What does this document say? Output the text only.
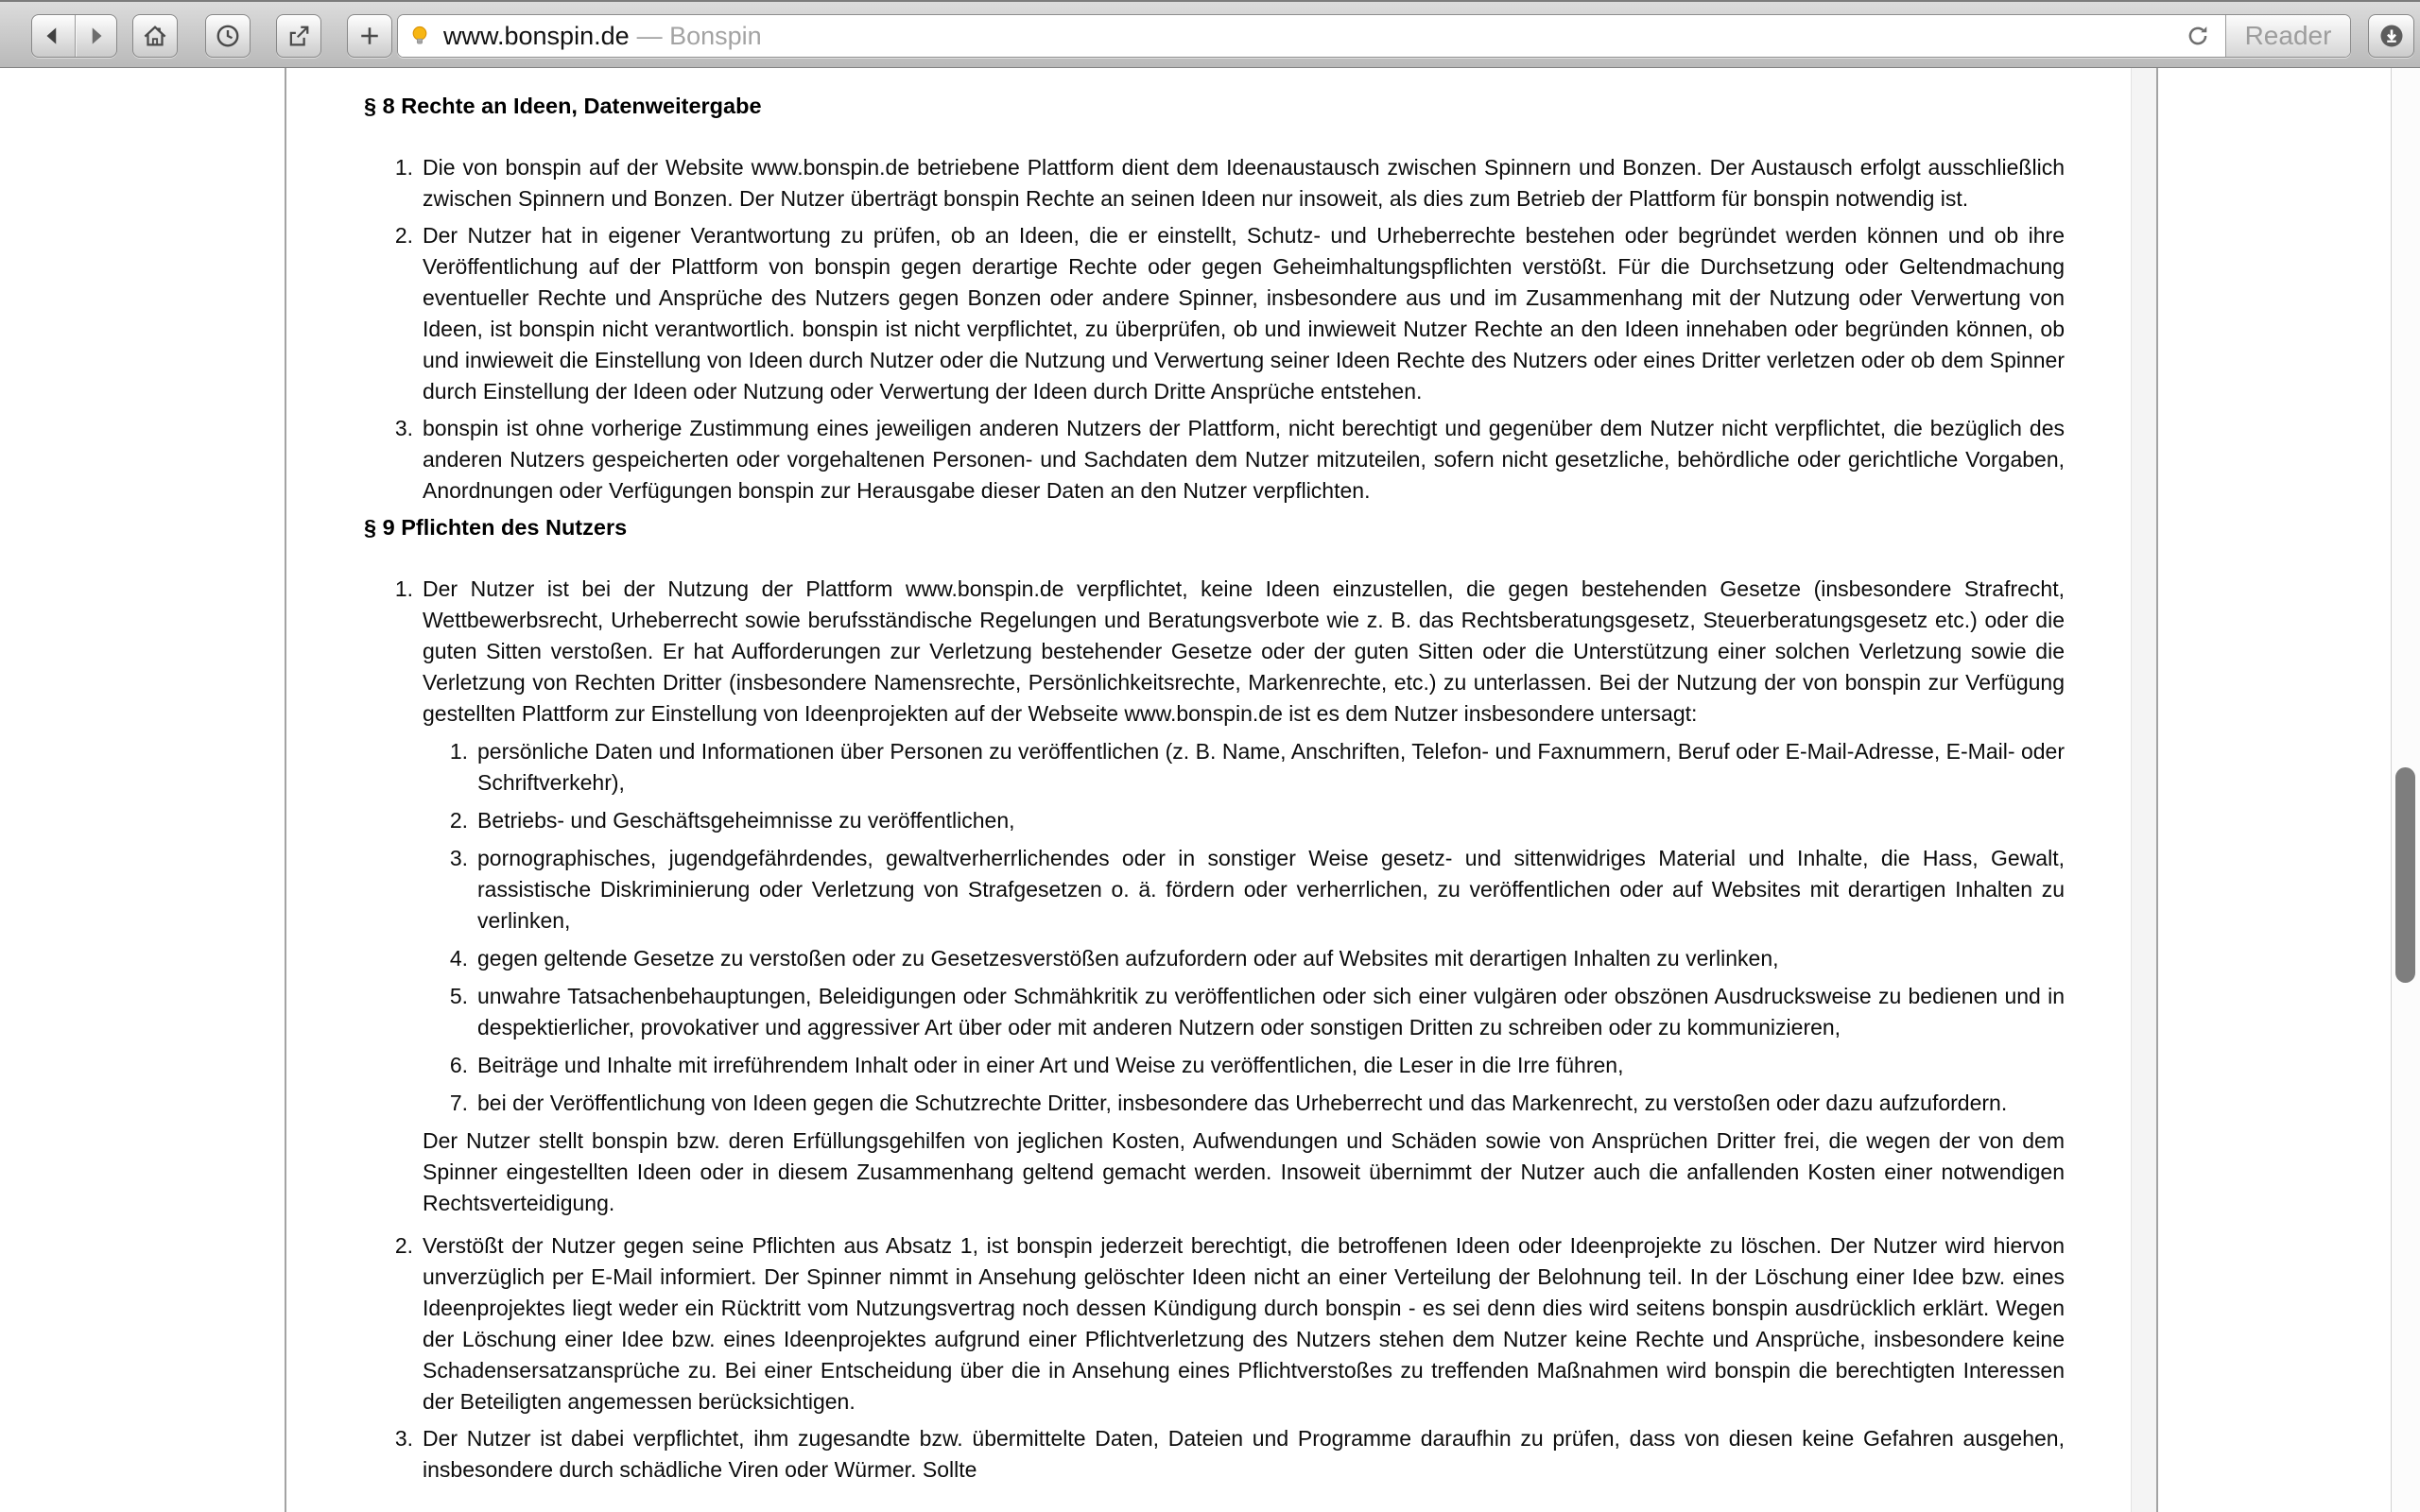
www.bonspin.de — Bonspin	Reader
§ 8 Rechte an Ideen, Datenweitergabe
Die von bonspin auf der Website www.bonspin.de betriebene Plattform dient dem Ideenaustausch zwischen Spinnern und Bonzen. Der Austausch erfolgt ausschließlich zwischen Spinnern und Bonzen. Der Nutzer überträgt bonspin Rechte an seinen Ideen nur insoweit, als dies zum Betrieb der Plattform für bonspin notwendig ist.
Der Nutzer hat in eigener Verantwortung zu prüfen, ob an Ideen, die er einstellt, Schutz- und Urheberrechte bestehen oder begründet werden können und ob ihre Veröffentlichung auf der Plattform von bonspin gegen derartige Rechte oder gegen Geheimhaltungspflichten verstößt. Für die Durchsetzung oder Geltendmachung eventueller Rechte und Ansprüche des Nutzers gegen Bonzen oder andere Spinner, insbesondere aus und im Zusammenhang mit der Nutzung oder Verwertung von Ideen, ist bonspin nicht verantwortlich. bonspin ist nicht verpflichtet, zu überprüfen, ob und inwieweit Nutzer Rechte an den Ideen innehaben oder begründen können, ob und inwieweit die Einstellung von Ideen durch Nutzer oder die Nutzung und Verwertung seiner Ideen Rechte des Nutzers oder eines Dritter verletzen oder ob dem Spinner durch Einstellung der Ideen oder Nutzung oder Verwertung der Ideen durch Dritte Ansprüche entstehen.
bonspin ist ohne vorherige Zustimmung eines jeweiligen anderen Nutzers der Plattform, nicht berechtigt und gegenüber dem Nutzer nicht verpflichtet, die bezüglich des anderen Nutzers gespeicherten oder vorgehaltenen Personen- und Sachdaten dem Nutzer mitzuteilen, sofern nicht gesetzliche, behördliche oder gerichtliche Vorgaben, Anordnungen oder Verfügungen bonspin zur Herausgabe dieser Daten an den Nutzer verpflichten.
§ 9 Pflichten des Nutzers
Der Nutzer ist bei der Nutzung der Plattform www.bonspin.de verpflichtet, keine Ideen einzustellen, die gegen bestehenden Gesetze (insbesondere Strafrecht, Wettbewerbsrecht, Urheberrecht sowie berufsständische Regelungen und Beratungsverbote wie z. B. das Rechtsberatungsgesetz, Steuerberatungsgesetz etc.) oder die guten Sitten verstoßen. Er hat Aufforderungen zur Verletzung bestehender Gesetze oder der guten Sitten oder die Unterstützung einer solchen Verletzung sowie die Verletzung von Rechten Dritter (insbesondere Namensrechte, Persönlichkeitsrechte, Markenrechte, etc.) zu unterlassen. Bei der Nutzung der von bonspin zur Verfügung gestellten Plattform zur Einstellung von Ideenprojekten auf der Webseite www.bonspin.de ist es dem Nutzer insbesondere untersagt:
persönliche Daten und Informationen über Personen zu veröffentlichen (z. B. Name, Anschriften, Telefon- und Faxnummern, Beruf oder E-Mail-Adresse, E-Mail- oder Schriftverkehr),
Betriebs- und Geschäftsgeheimnisse zu veröffentlichen,
pornographisches, jugendgefährdendes, gewaltverherrlichendes oder in sonstiger Weise gesetz- und sittenwidriges Material und Inhalte, die Hass, Gewalt, rassistische Diskriminierung oder Verletzung von Strafgesetzen o. ä. fördern oder verherrlichen, zu veröffentlichen oder auf Websites mit derartigen Inhalten zu verlinken,
gegen geltende Gesetze zu verstoßen oder zu Gesetzesverstößen aufzufordern oder auf Websites mit derartigen Inhalten zu verlinken,
unwahre Tatsachenbehauptungen, Beleidigungen oder Schmähkritik zu veröffentlichen oder sich einer vulgären oder obszönen Ausdrucksweise zu bedienen und in despektierlicher, provokativer und aggressiver Art über oder mit anderen Nutzern oder sonstigen Dritten zu schreiben oder zu kommunizieren,
Beiträge und Inhalte mit irreführendem Inhalt oder in einer Art und Weise zu veröffentlichen, die Leser in die Irre führen,
bei der Veröffentlichung von Ideen gegen die Schutzrechte Dritter, insbesondere das Urheberrecht und das Markenrecht, zu verstoßen oder dazu aufzufordern.
Der Nutzer stellt bonspin bzw. deren Erfüllungsgehilfen von jeglichen Kosten, Aufwendungen und Schäden sowie von Ansprüchen Dritter frei, die wegen der von dem Spinner eingestellten Ideen oder in diesem Zusammenhang geltend gemacht werden. Insoweit übernimmt der Nutzer auch die anfallenden Kosten einer notwendigen Rechtsverteidigung.
Verstößt der Nutzer gegen seine Pflichten aus Absatz 1, ist bonspin jederzeit berechtigt, die betroffenen Ideen oder Ideenprojekte zu löschen. Der Nutzer wird hiervon unverzüglich per E-Mail informiert. Der Spinner nimmt in Ansehung gelöschter Ideen nicht an einer Verteilung der Belohnung teil. In der Löschung einer Idee bzw. eines Ideenprojektes liegt weder ein Rücktritt vom Nutzungsvertrag noch dessen Kündigung durch bonspin - es sei denn dies wird seitens bonspin ausdrücklich erklärt. Wegen der Löschung einer Idee bzw. eines Ideenprojektes aufgrund einer Pflichtverletzung des Nutzers stehen dem Nutzer keine Rechte und Ansprüche, insbesondere keine Schadensersatzansprüche zu. Bei einer Entscheidung über die in Ansehung eines Pflichtverstoßes zu treffenden Maßnahmen wird bonspin die berechtigten Interessen der Beteiligten angemessen berücksichtigen.
Der Nutzer ist dabei verpflichtet, ihm zugesandte bzw. übermittelte Daten, Dateien und Programme daraufhin zu prüfen, dass von diesen keine Gefahren ausgehen, insbesondere durch schädliche Viren oder Würmer. Sollte
